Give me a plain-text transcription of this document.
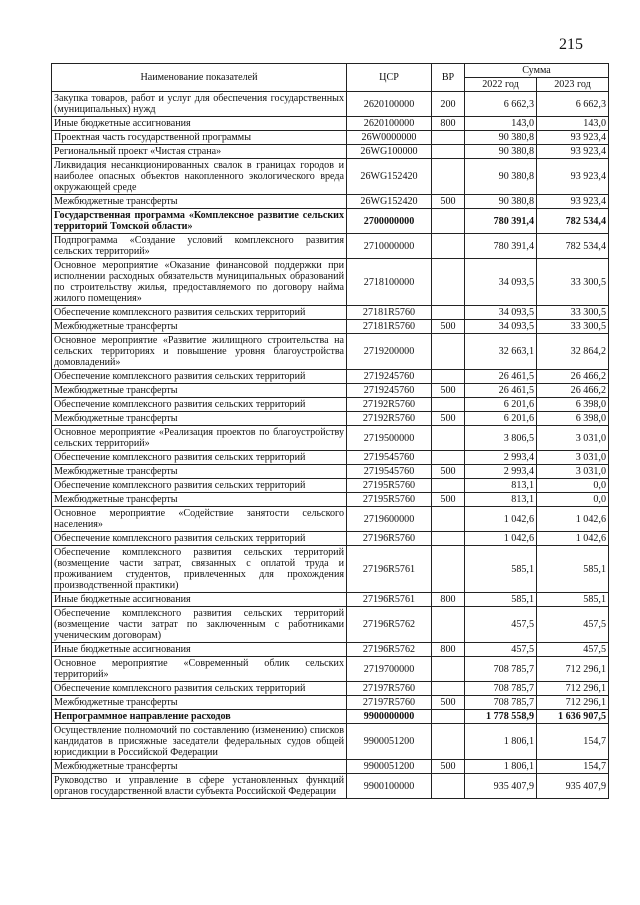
215
Наименование показателей	ЦСР	ВР	Сумма	
			2022 год	2023 год
Закупка товаров, работ и услуг для обеспечения государственных (муниципальных) нужд	2620100000	200	6 662,3	6 662,3
Иные бюджетные ассигнования	2620100000	800	143,0	143,0
Проектная часть государственной программы	26W0000000		90 380,8	93 923,4
Региональный проект «Чистая страна»	26WG100000		90 380,8	93 923,4
Ликвидация несанкционированных свалок в границах городов и наиболее опасных объектов накопленного экологического вреда окружающей среде	26WG152420		90 380,8	93 923,4
Межбюджетные трансферты	26WG152420	500	90 380,8	93 923,4
Государственная программа «Комплексное развитие сельских территорий Томской области»	2700000000		780 391,4	782 534,4
Подпрограмма «Создание условий комплексного развития сельских территорий»	2710000000		780 391,4	782 534,4
Основное мероприятие «Оказание финансовой поддержки при исполнении расходных обязательств муниципальных образований по строительству жилья, предоставляемого по договору найма жилого помещения»	2718100000		34 093,5	33 300,5
Обеспечение комплексного развития сельских территорий	27181R5760		34 093,5	33 300,5
Межбюджетные трансферты	27181R5760	500	34 093,5	33 300,5
Основное мероприятие «Развитие жилищного строительства на сельских территориях и повышение уровня благоустройства домовладений»	2719200000		32 663,1	32 864,2
Обеспечение комплексного развития сельских территорий	2719245760		26 461,5	26 466,2
Межбюджетные трансферты	2719245760	500	26 461,5	26 466,2
Обеспечение комплексного развития сельских территорий	27192R5760		6 201,6	6 398,0
Межбюджетные трансферты	27192R5760	500	6 201,6	6 398,0
Основное мероприятие «Реализация проектов по благоустройству сельских территорий»	2719500000		3 806,5	3 031,0
Обеспечение комплексного развития сельских территорий	2719545760		2 993,4	3 031,0
Межбюджетные трансферты	2719545760	500	2 993,4	3 031,0
Обеспечение комплексного развития сельских территорий	27195R5760		813,1	0,0
Межбюджетные трансферты	27195R5760	500	813,1	0,0
Основное мероприятие «Содействие занятости сельского населения»	2719600000		1 042,6	1 042,6
Обеспечение комплексного развития сельских территорий	27196R5760		1 042,6	1 042,6
Обеспечение комплексного развития сельских территорий (возмещение части затрат, связанных с оплатой труда и проживанием студентов, привлеченных для прохождения производственной практики)	27196R5761		585,1	585,1
Иные бюджетные ассигнования	27196R5761	800	585,1	585,1
Обеспечение комплексного развития сельских территорий (возмещение части затрат по заключенным с работниками ученическим договорам)	27196R5762		457,5	457,5
Иные бюджетные ассигнования	27196R5762	800	457,5	457,5
Основное мероприятие «Современный облик сельских территорий»	2719700000		708 785,7	712 296,1
Обеспечение комплексного развития сельских территорий	27197R5760		708 785,7	712 296,1
Межбюджетные трансферты	27197R5760	500	708 785,7	712 296,1
Непрограммное направление расходов	9900000000		1 778 558,9	1 636 907,5
Осуществление полномочий по составлению (изменению) списков кандидатов в присяжные заседатели федеральных судов общей юрисдикции в Российской Федерации	9900051200		1 806,1	154,7
Межбюджетные трансферты	9900051200	500	1 806,1	154,7
Руководство и управление в сфере установленных функций органов государственной власти субъекта Российской Федерации	9900100000		935 407,9	935 407,9
